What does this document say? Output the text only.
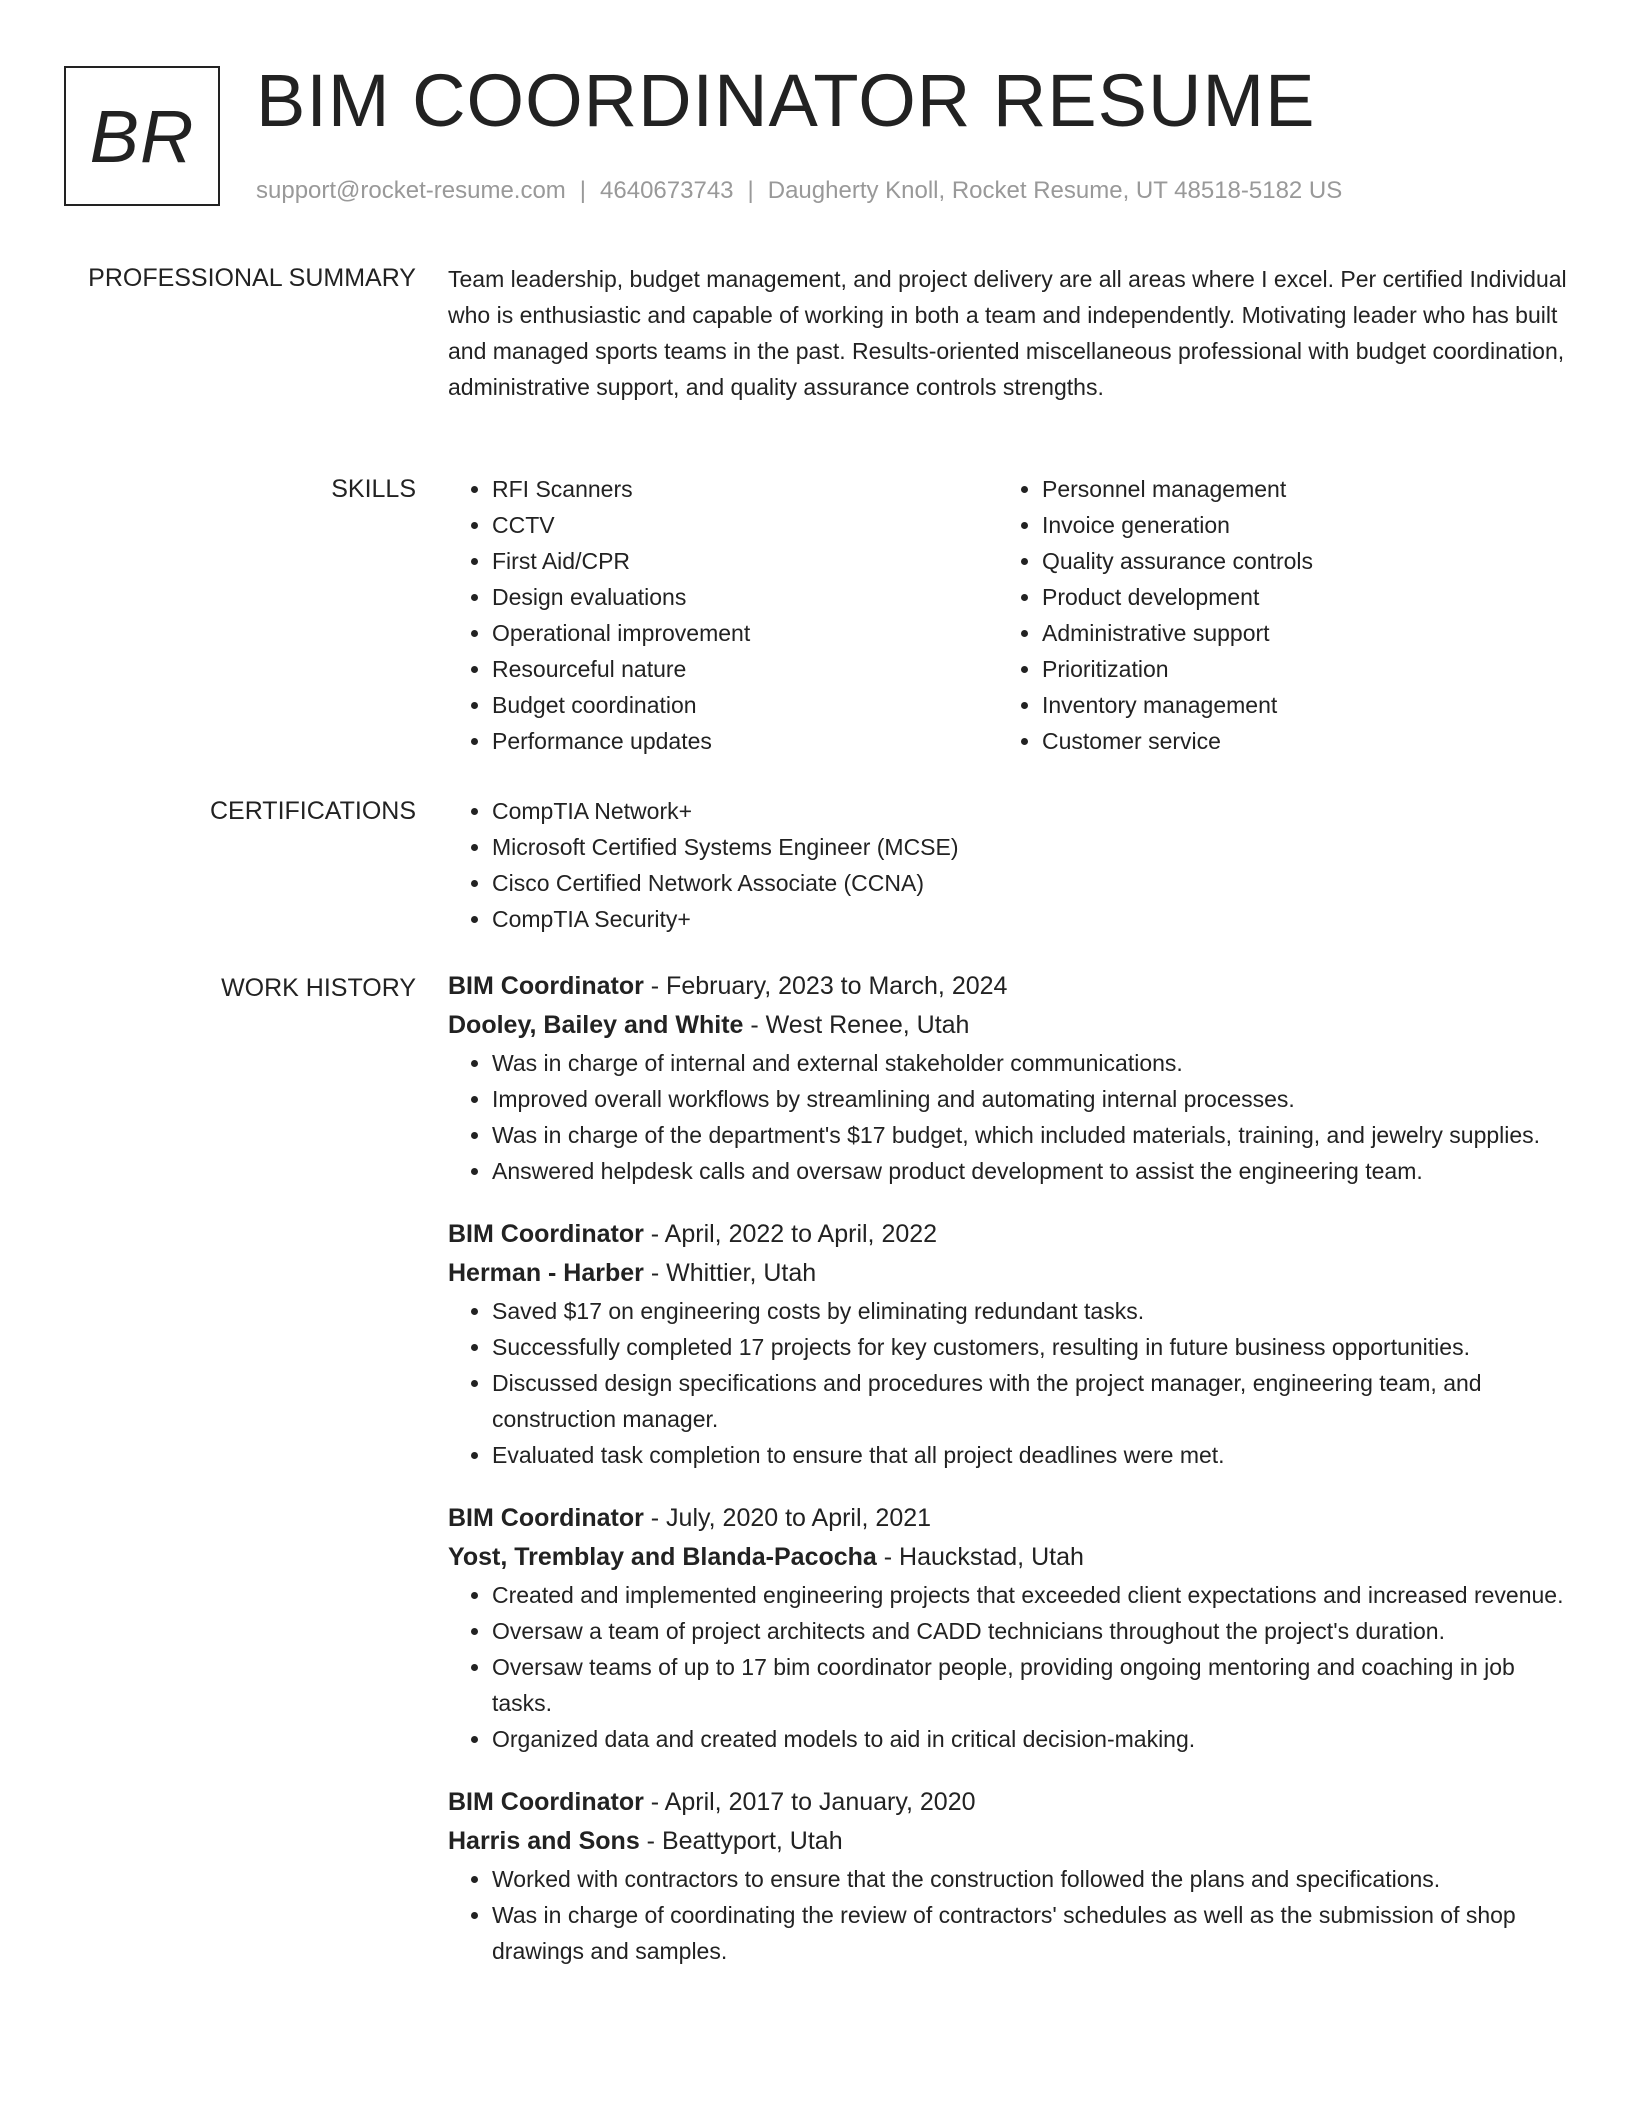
BR BIM COORDINATOR RESUME
support@rocket-resume.com | 4640673743 | Daugherty Knoll, Rocket Resume, UT 48518-5182 US
PROFESSIONAL SUMMARY Team leadership, budget management, and project delivery are all areas where I excel. Per certified Individual who is enthusiastic and capable of working in both a team and independently. Motivating leader who has built and managed sports teams in the past. Results-oriented miscellaneous professional with budget coordination, administrative support, and quality assurance controls strengths.

SKILLS	• RFI Scanners
• CCTV
• First Aid/CPR
• Design evaluations
• Operational improvement
• Resourceful nature
• Budget coordination
• Performance updates
• Personnel management
• Invoice generation
• Quality assurance controls
• Product development
• Administrative support
• Prioritization
• Inventory management
• Customer service
CERTIFICATIONS	• CompTIA Network+
• Microsoft Certified Systems Engineer (MCSE)
• Cisco Certified Network Associate (CCNA)
• CompTIA Security+
WORK HISTORY BIM Coordinator - February, 2023 to March, 2024
Dooley, Bailey and White - West Renee, Utah
• Was in charge of internal and external stakeholder communications.
• Improved overall workflows by streamlining and automating internal processes.
• Was in charge of the department's $17 budget, which included materials, training, and jewelry supplies.
• Answered helpdesk calls and oversaw product development to assist the engineering team.
BIM Coordinator - April, 2022 to April, 2022
Herman - Harber - Whittier, Utah
• Saved $17 on engineering costs by eliminating redundant tasks.
• Successfully completed 17 projects for key customers, resulting in future business opportunities.
• Discussed design specifications and procedures with the project manager, engineering team, and construction manager.
• Evaluated task completion to ensure that all project deadlines were met.
BIM Coordinator - July, 2020 to April, 2021
Yost, Tremblay and Blanda-Pacocha - Hauckstad, Utah
• Created and implemented engineering projects that exceeded client expectations and increased revenue.
• Oversaw a team of project architects and CADD technicians throughout the project's duration.
• Oversaw teams of up to 17 bim coordinator people, providing ongoing mentoring and coaching in job tasks.
• Organized data and created models to aid in critical decision-making.
BIM Coordinator - April, 2017 to January, 2020
Harris and Sons - Beattyport, Utah
• Worked with contractors to ensure that the construction followed the plans and specifications.
• Was in charge of coordinating the review of contractors' schedules as well as the submission of shop drawings and samples.
